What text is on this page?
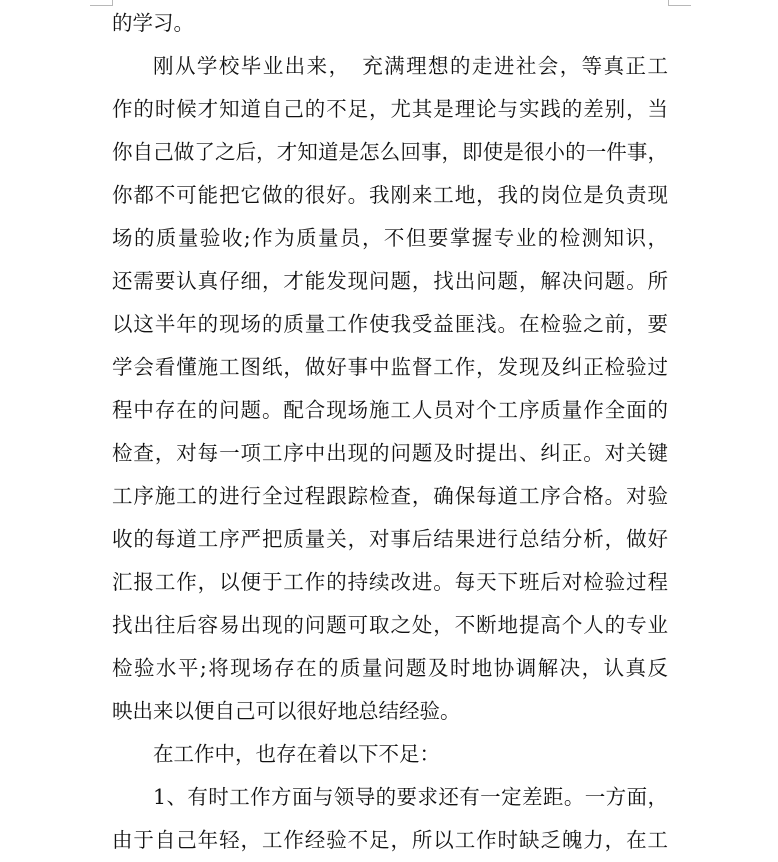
的学习。
刚从学校毕业出来，　充满理想的走进社会，等真正工
作的时候才知道自己的不足，尤其是理论与实践的差别，当
你自己做了之后，才知道是怎么回事，即使是很小的一件事，
你都不可能把它做的很好。我刚来工地，我的岗位是负责现
场的质量验收;作为质量员，不但要掌握专业的检测知识，
还需要认真仔细，才能发现问题，找出问题，解决问题。所
以这半年的现场的质量工作使我受益匪浅。在检验之前，要
学会看懂施工图纸，做好事中监督工作，发现及纠正检验过
程中存在的问题。配合现场施工人员对个工序质量作全面的
检查，对每一项工序中出现的问题及时提出、纠正。对关键
工序施工的进行全过程跟踪检查，确保每道工序合格。对验
收的每道工序严把质量关，对事后结果进行总结分析，做好
汇报工作，以便于工作的持续改进。每天下班后对检验过程
找出往后容易出现的问题可取之处，不断地提高个人的专业
检验水平;将现场存在的质量问题及时地协调解决，认真反
映出来以便自己可以很好地总结经验。
在工作中，也存在着以下不足：
1、有时工作方面与领导的要求还有一定差距。一方面，
由于自己年轻，工作经验不足，所以工作时缺乏魄力，在工
